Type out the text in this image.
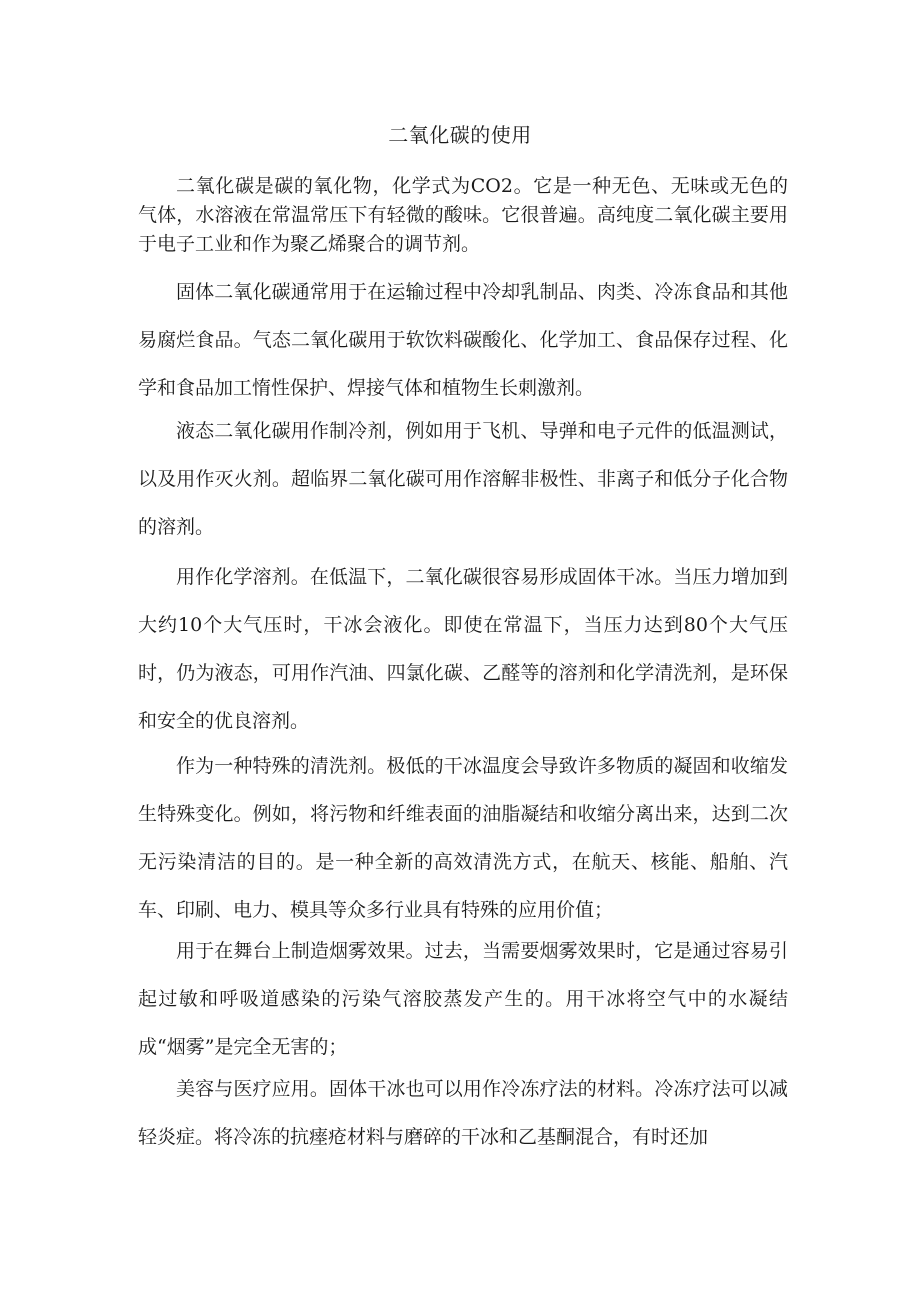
二氧化碳的使用

二氧化碳是碳的氧化物，化学式为CO2。它是一种无色、无味或无色的气体，水溶液在常温常压下有轻微的酸味。它很普遍。高纯度二氧化碳主要用于电子工业和作为聚乙烯聚合的调节剂。

固体二氧化碳通常用于在运输过程中冷却乳制品、肉类、冷冻食品和其他易腐烂食品。气态二氧化碳用于软饮料碳酸化、化学加工、食品保存过程、化学和食品加工惰性保护、焊接气体和植物生长刺激剂。

液态二氧化碳用作制冷剂，例如用于飞机、导弹和电子元件的低温测试，以及用作灭火剂。超临界二氧化碳可用作溶解非极性、非离子和低分子化合物的溶剂。

用作化学溶剂。在低温下，二氧化碳很容易形成固体干冰。当压力增加到大约10个大气压时，干冰会液化。即使在常温下，当压力达到80个大气压时，仍为液态，可用作汽油、四氯化碳、乙醛等的溶剂和化学清洗剂，是环保和安全的优良溶剂。

作为一种特殊的清洗剂。极低的干冰温度会导致许多物质的凝固和收缩发生特殊变化。例如，将污物和纤维表面的油脂凝结和收缩分离出来，达到二次无污染清洁的目的。是一种全新的高效清洗方式，在航天、核能、船舶、汽车、印刷、电力、模具等众多行业具有特殊的应用价值；

用于在舞台上制造烟雾效果。过去，当需要烟雾效果时，它是通过容易引起过敏和呼吸道感染的污染气溶胶蒸发产生的。用干冰将空气中的水凝结成“烟雾”是完全无害的；

美容与医疗应用。固体干冰也可以用作冷冻疗法的材料。冷冻疗法可以减轻炎症。将冷冻的抗瘗疮材料与磨碎的干冰和乙基酮混合，有时还加
